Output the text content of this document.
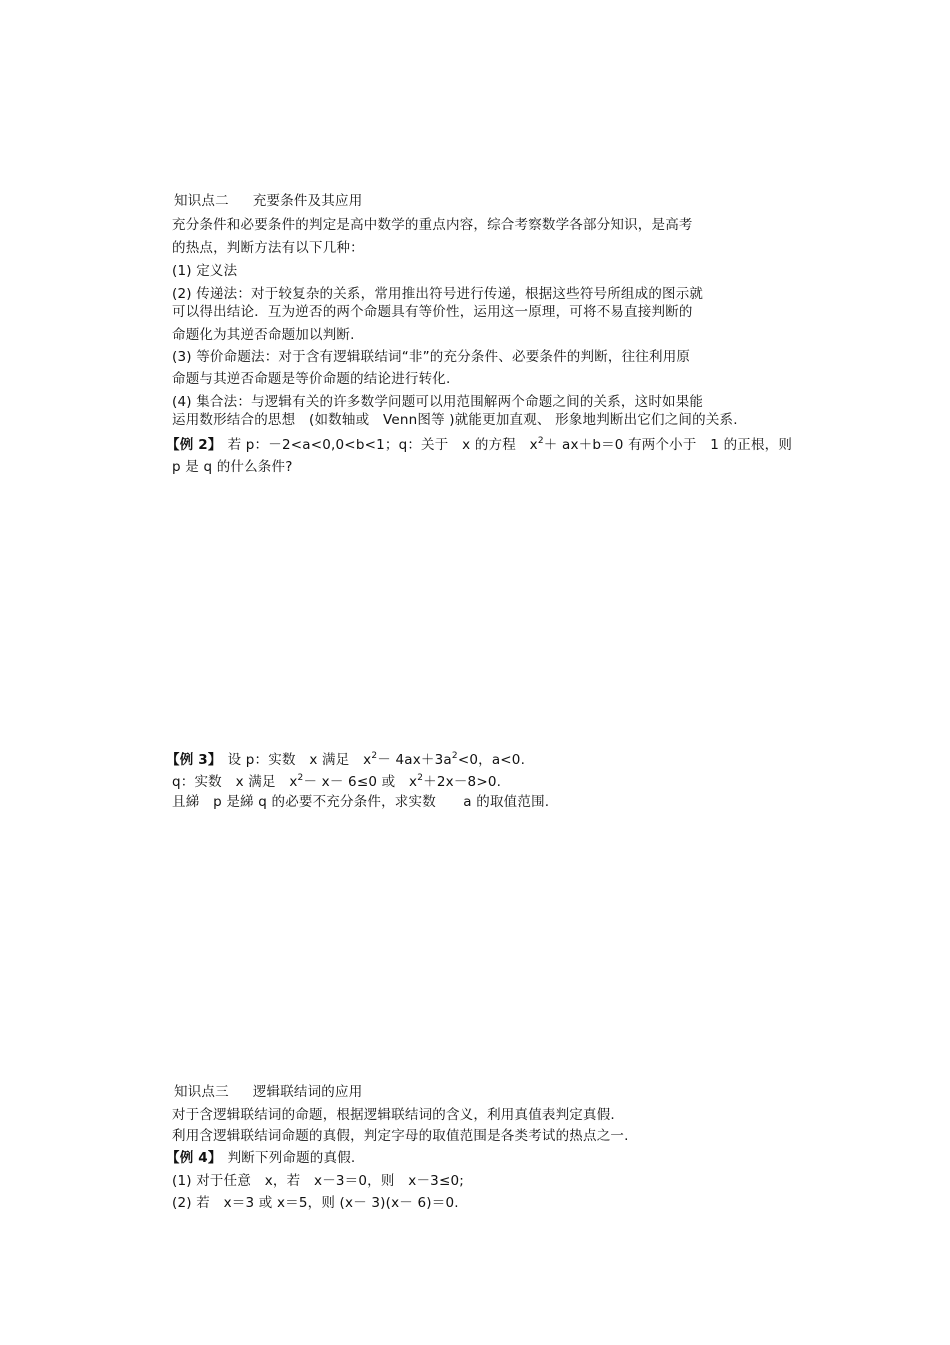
知识点二 充要条件及其应用
充分条件和必要条件的判定是高中数学的重点内容，综合考察数学各部分知识，是高考
的热点，判断方法有以下几种：
(1) 定义法
(2) 传递法：对于较复杂的关系，常用推出符号进行传递，根据这些符号所组成的图示就
可以得出结论．互为逆否的两个命题具有等价性，运用这一原理，可将不易直接判断的
命题化为其逆否命题加以判断.
(3) 等价命题法：对于含有逻辑联结词“非”的充分条件、必要条件的判断，往往利用原
命题与其逆否命题是等价命题的结论进行转化.
(4) 集合法：与逻辑有关的许多数学问题可以用范围解两个命题之间的关系，这时如果能
运用数形结合的思想　(如数轴或　Venn图等 )就能更加直观、 形象地判断出它们之间的关系.
【例 2】 若 p：－2<a<0,0<b<1；q：关于　x 的方程　$x^2+ ax+b=0$ 有两个小于　1 的正根，则
p 是 q 的什么条件?
【例 3】 设 p：实数　x 满足　$x^2- 4ax+3a^2<0$，a<0.
q：实数　x 满足　$x^2- x- 6\le 0$ 或　$x^2+2x-8>0$.
且綈　p 是綈 q 的必要不充分条件，求实数　　a 的取值范围.
知识点三 逻辑联结词的应用
对于含逻辑联结词的命题，根据逻辑联结词的含义，利用真值表判定真假.
利用含逻辑联结词命题的真假，判定字母的取值范围是各类考试的热点之一.
【例 4】 判断下列命题的真假.
(1) 对于任意　x，若　x－3＝0，则　x－3≤0;
(2) 若　x＝3 或 x＝5，则 (x－ 3)(x－ 6)＝0.
